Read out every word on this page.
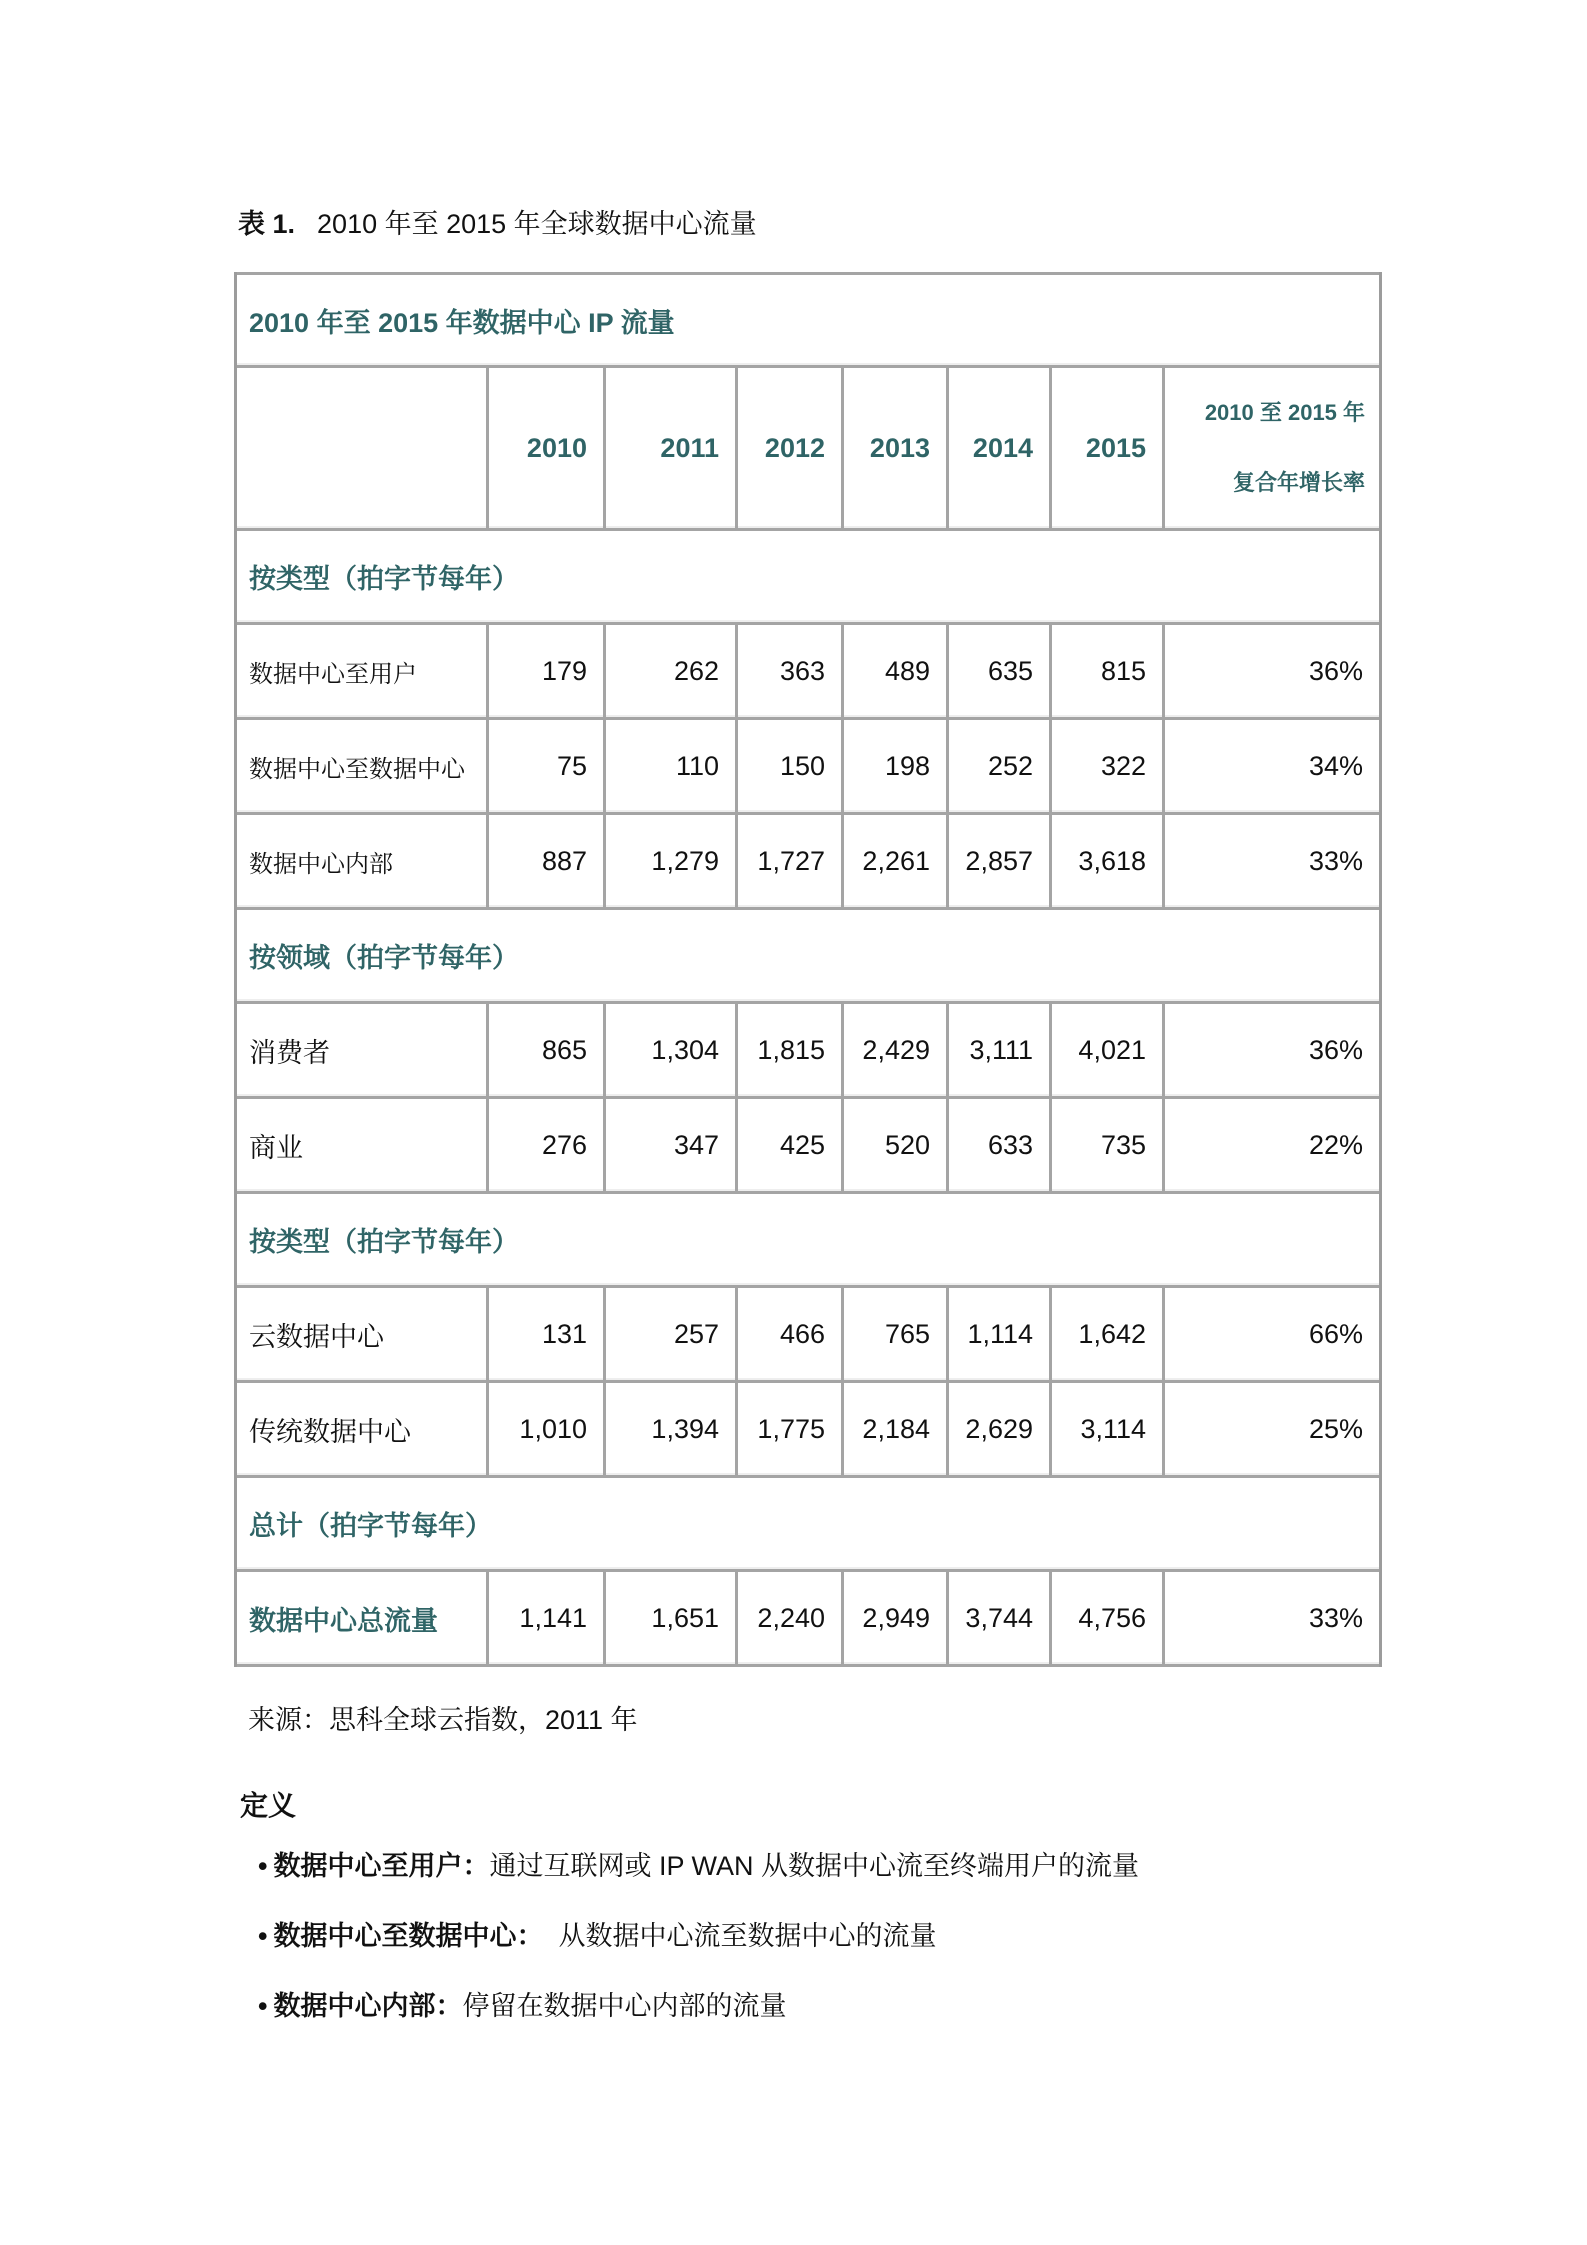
表 1. 2010 年至 2015 年全球数据中心流量
2010 年至 2015 年数据中心 IP 流量							
	2010	2011	2012	2013	2014	2015	2010 至 2015 年
复合年增长率

按类型（拍字节每年）							
数据中心至用户	179	262	363	489	635	815	36%
数据中心至数据中心	75	110	150	198	252	322	34%
数据中心内部	887	1,279	1,727	2,261	2,857	3,618	33%
按领域（拍字节每年）							
消费者	865	1,304	1,815	2,429	3,111	4,021	36%
商业	276	347	425	520	633	735	22%
按类型（拍字节每年）							
云数据中心	131	257	466	765	1,114	1,642	66%
传统数据中心	1,010	1,394	1,775	2,184	2,629	3,114	25%
总计（拍字节每年）							
数据中心总流量	1,141	1,651	2,240	2,949	3,744	4,756	33%
来源：思科全球云指数，2011 年
定义
• 数据中心至用户：通过互联网或 IP WAN 从数据中心流至终端用户的流量
• 数据中心至数据中心：  从数据中心流至数据中心的流量
• 数据中心内部：停留在数据中心内部的流量
